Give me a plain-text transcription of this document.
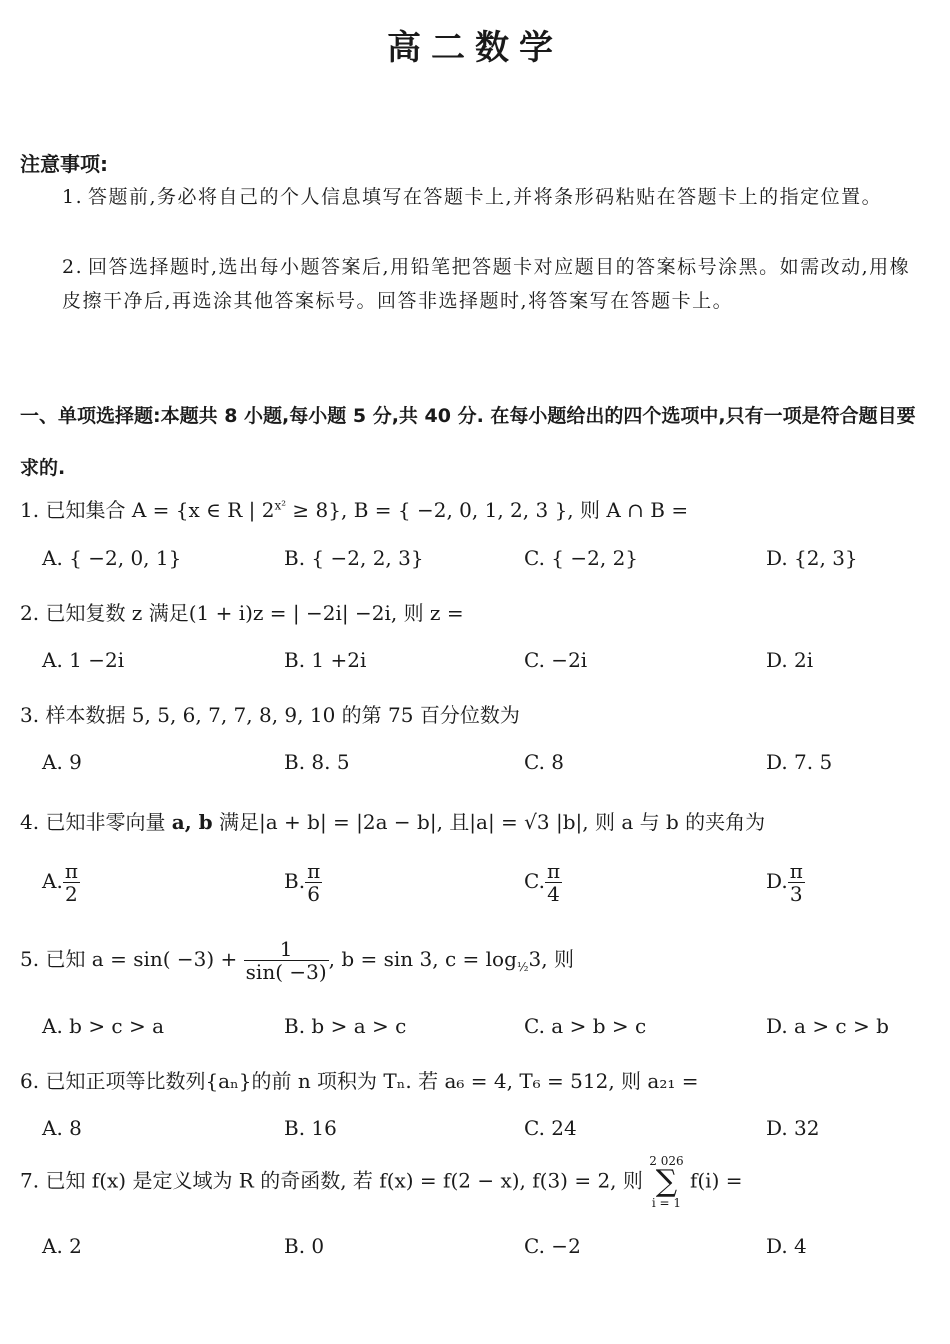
高二数学
注意事项:
1. 答题前,务必将自己的个人信息填写在答题卡上,并将条形码粘贴在答题卡上的指定位置。
2. 回答选择题时,选出每小题答案后,用铅笔把答题卡对应题目的答案标号涂黑。如需改动,用橡皮擦干净后,再选涂其他答案标号。回答非选择题时,将答案写在答题卡上。
一、单项选择题:本题共 8 小题,每小题 5 分,共 40 分. 在每小题给出的四个选项中,只有一项是符合题目要求的.
1. 已知集合 A = {x ∈ R | $2^{x^2} \ge 8$}, B = { −2, 0, 1, 2, 3 }, 则 A ∩ B =
A. { −2, 0, 1}	B. { −2, 2, 3}	C. { −2, 2}	D. {2, 3}
2. 已知复数 z 满足(1 + i)z = | −2i| −2i, 则 z =
A. 1 −2i	B. 1 +2i	C. −2i	D. 2i
3. 样本数据 5, 5, 6, 7, 7, 8, 9, 10 的第 75 百分位数为
A. 9	B. 8. 5	C. 8	D. 7. 5
4. 已知非零向量 a, b 满足|a + b| = |2a − b|, 且|a| = √3 |b|, 则 a 与 b 的夹角为
A. $\frac{\pi}{2}$	B. $\frac{\pi}{6}$	C. $\frac{\pi}{4}$	D. $\frac{\pi}{3}$
5. 已知 $a = \sin( -3) + \frac{1}{\sin( -3)}$ , b = sin 3, $c = \log_{\frac{1}{2}}3$, 则
A. b > c > a	B. b > a > c	C. a > b > c	D. a > c > b
6. 已知正项等比数列{aₙ}的前 n 项积为 Tₙ. 若 a₆ = 4, T₆ = 512, 则 a₂₁ =
A. 8	B. 16	C. 24	D. 32
7. 已知 f(x) 是定义域为 R 的奇函数, 若 f(x) = f(2 − x), f(3) = 2, 则 2 026
∑
i = 1 f(i) =
A. 2	B. 0	C. −2	D. 4
